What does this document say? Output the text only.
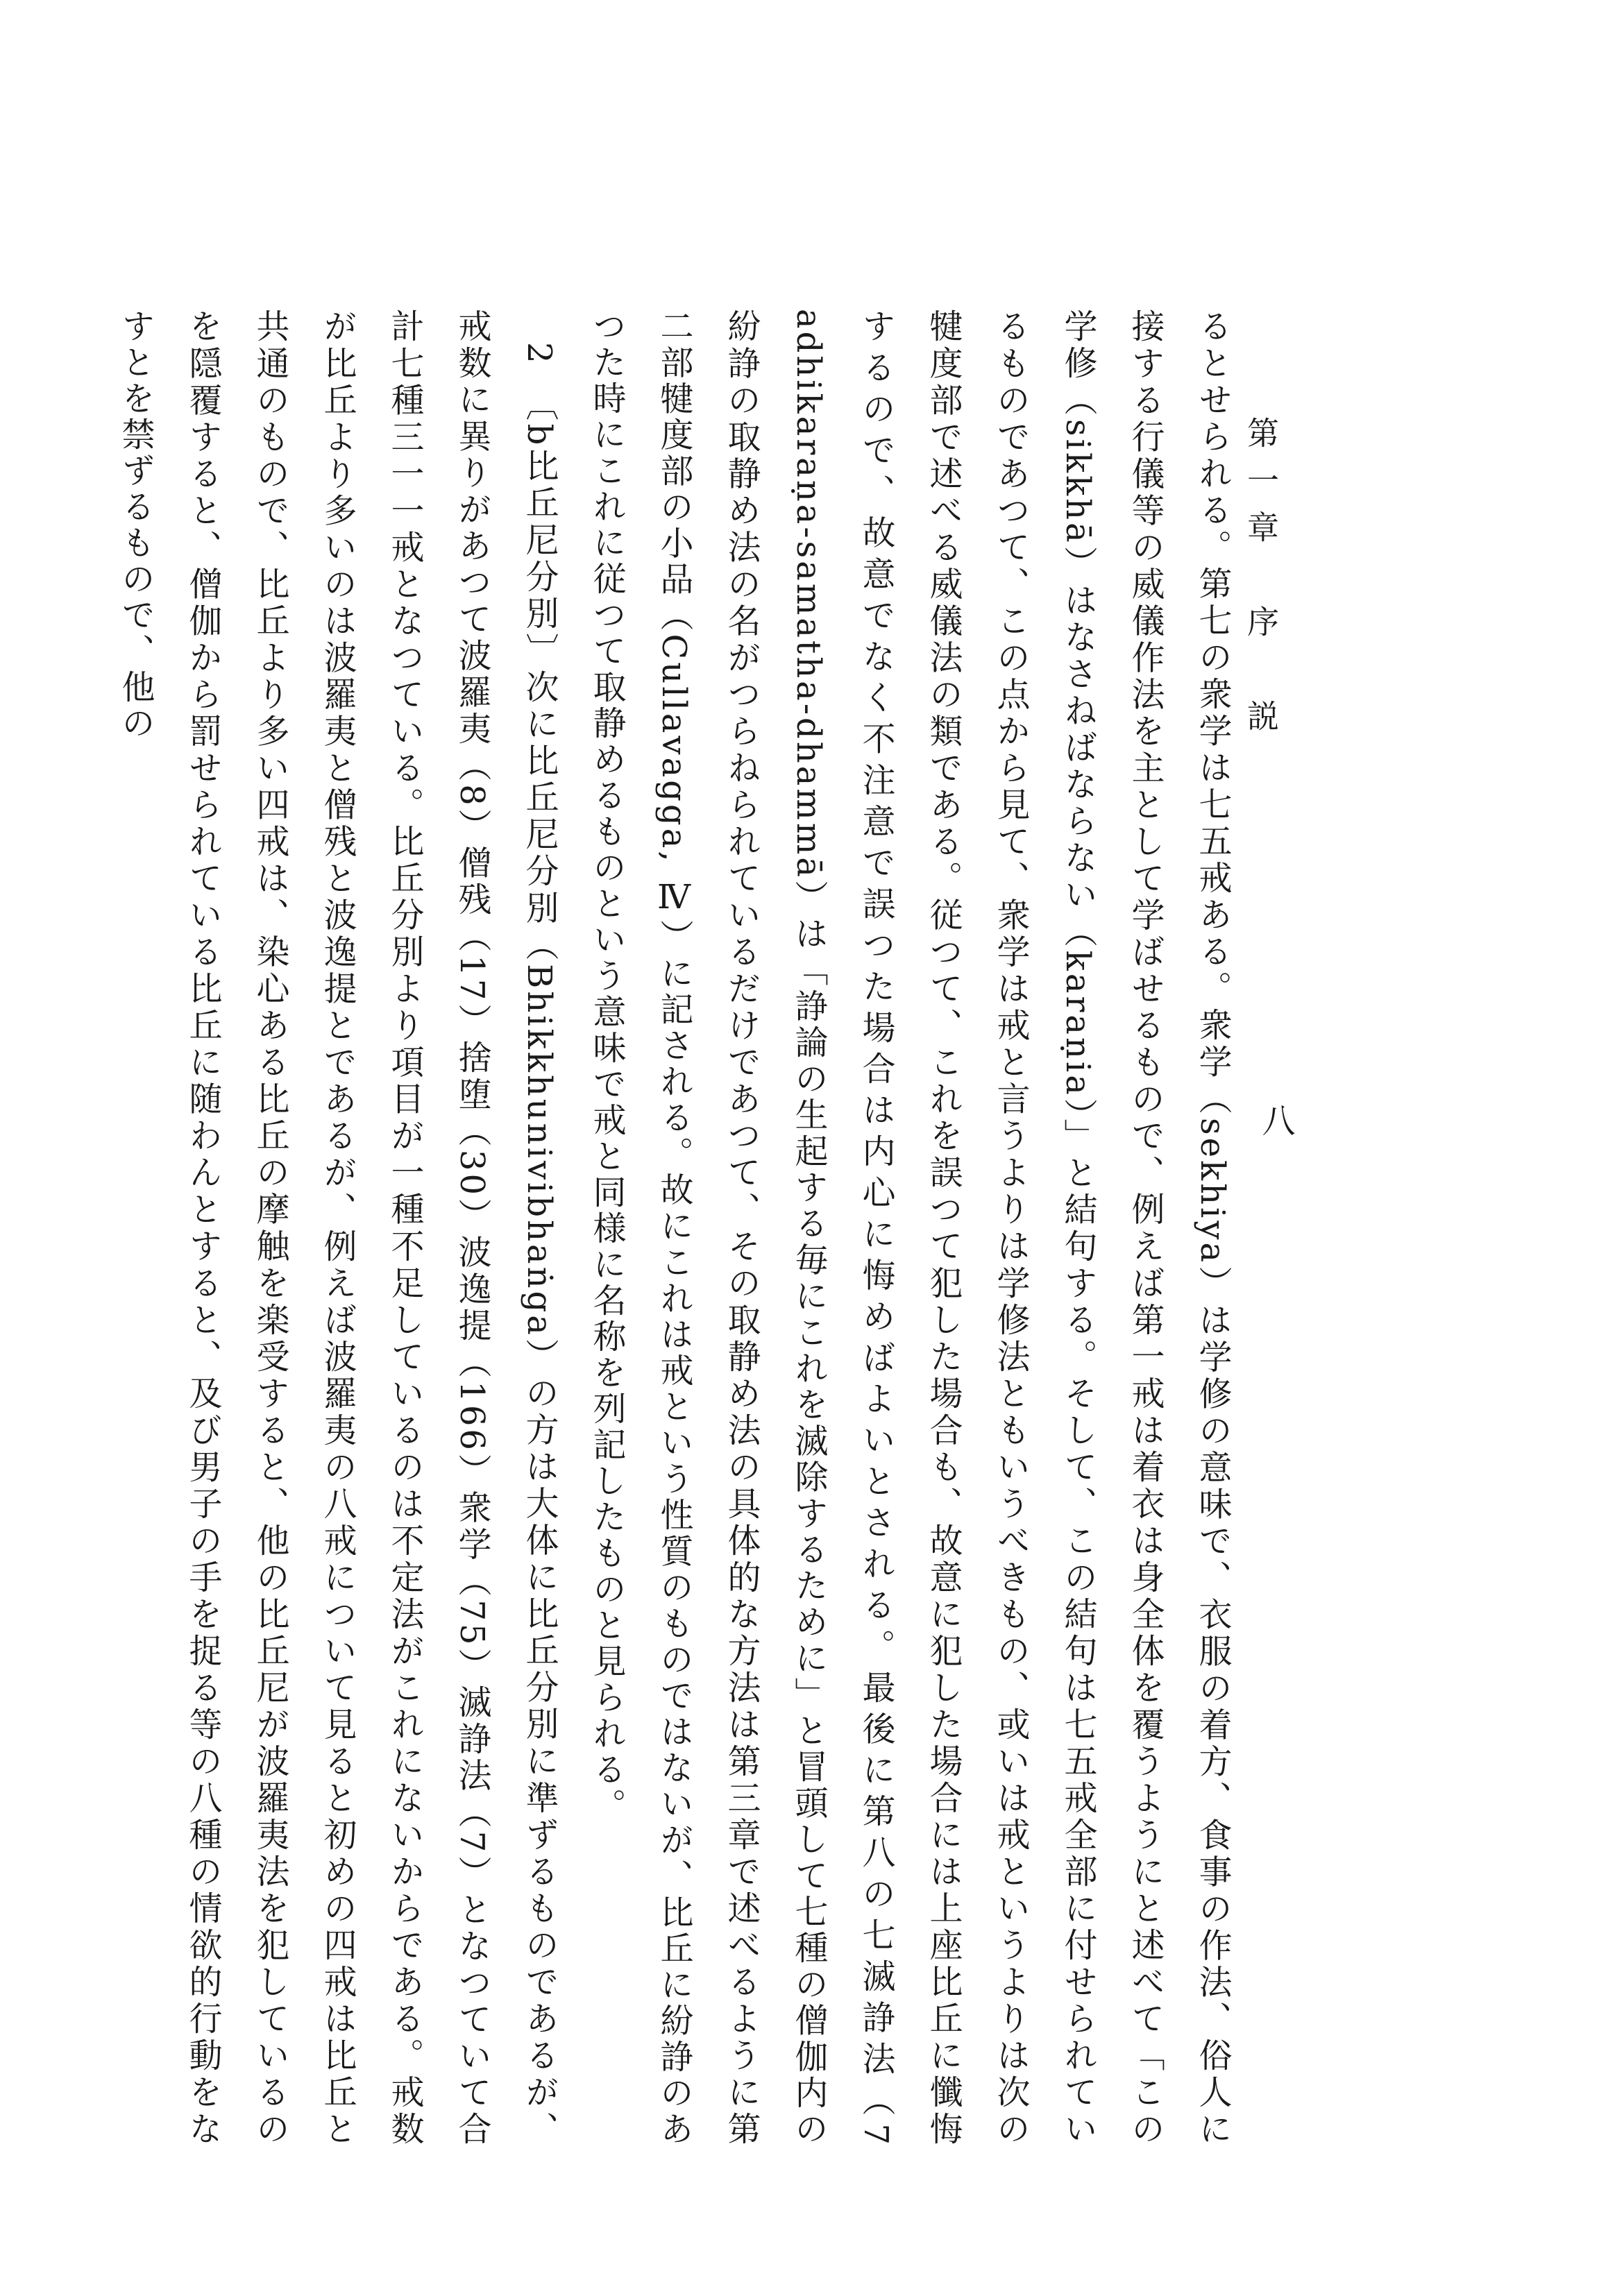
第一章　序　説
八

るとせられる。第七の衆学は七五戒ある。衆学（sekhiya）は学修の意味で、衣服の着方、食事の作法、俗人に接する行儀等の威儀作法を主として学ばせるもので、例えば第一戒は着衣は身全体を覆うようにと述べて「この学修（sikkhā）はなさねばならない（karaṇia）」と結句する。そして、この結句は七五戒全部に付せられているものであつて、この点から見て、衆学は戒と言うよりは学修法ともいうべきもの、或いは戒というよりは次の犍度部で述べる威儀法の類である。従つて、これを誤つて犯した場合も、故意に犯した場合には上座比丘に懺悔するので、故意でなく不注意で誤つた場合は内心に悔めばよいとされる。最後に第八の七滅諍法（7 adhikaraṇa-samatha-dhammā）は「諍論の生起する毎にこれを滅除するために」と冒頭して七種の僧伽内の紛諍の取静め法の名がつらねられているだけであつて、その取静め法の具体的な方法は第三章で述べるように第二部犍度部の小品（Cullavagga, Ⅳ）に記される。故にこれは戒という性質のものではないが、比丘に紛諍のあつた時にこれに従つて取静めるものという意味で戒と同様に名称を列記したものと見られる。

2　〔b比丘尼分別〕次に比丘尼分別（Bhikkhunivibhaṅga）の方は大体に比丘分別に準ずるものであるが、戒数に異りがあつて波羅夷（8）僧残（17）捨堕（30）波逸提（166）衆学（75）滅諍法（7）となつていて合計七種三一一戒となつている。比丘分別より項目が一種不足しているのは不定法がこれにないからである。戒数が比丘より多いのは波羅夷と僧残と波逸提とであるが、例えば波羅夷の八戒について見ると初めの四戒は比丘と共通のもので、比丘より多い四戒は、染心ある比丘の摩触を楽受すると、他の比丘尼が波羅夷法を犯しているのを隠覆すると、僧伽から罰せられている比丘に随わんとすると、及び男子の手を捉る等の八種の情欲的行動をなすとを禁ずるもので、他の
